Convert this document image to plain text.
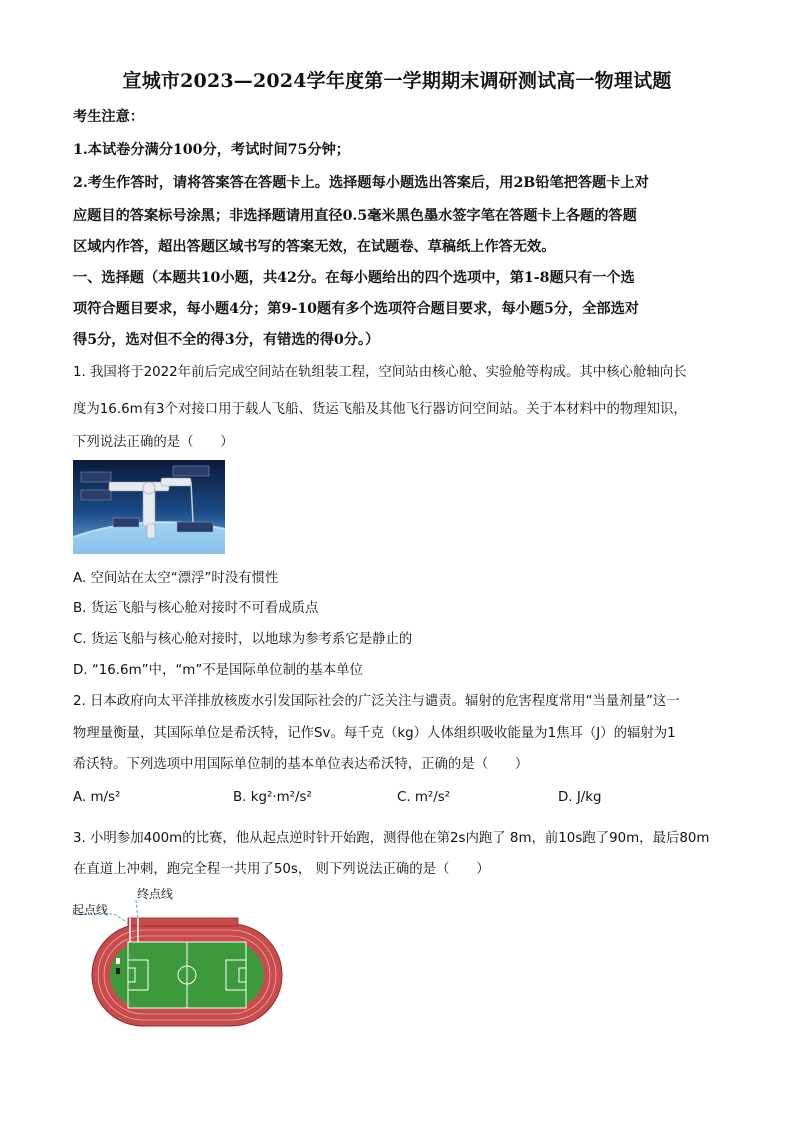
宣城市2023—2024学年度第一学期期末调研测试高一物理试题
考生注意：
1.本试卷分满分100分，考试时间75分钟；
2.考生作答时，请将答案答在答题卡上。选择题每小题选出答案后，用2B铅笔把答题卡上对
应题目的答案标号涂黑；非选择题请用直径0.5毫米黑色墨水签字笔在答题卡上各题的答题
区域内作答，超出答题区域书写的答案无效，在试题卷、草稿纸上作答无效。
一、选择题（本题共10小题，共42分。在每小题给出的四个选项中，第1-8题只有一个选
项符合题目要求，每小题4分；第9-10题有多个选项符合题目要求，每小题5分，全部选对
得5分，选对但不全的得3分，有错选的得0分。）
1. 我国将于2022年前后完成空间站在轨组装工程，空间站由核心舱、实验舱等构成。其中核心舱轴向长
度为16.6m有3个对接口用于载人飞船、货运飞船及其他飞行器访问空间站。关于本材料中的物理知识，
下列说法正确的是（　　）
A. 空间站在太空“漂浮”时没有惯性
B. 货运飞船与核心舱对接时不可看成质点
C. 货运飞船与核心舱对接时，以地球为参考系它是静止的
D. “16.6m”中，“m”不是国际单位制的基本单位
2. 日本政府向太平洋排放核废水引发国际社会的广泛关注与谴责。辐射的危害程度常用“当量剂量”这一
物理量衡量，其国际单位是希沃特，记作Sv。每千克（kg）人体组织吸收能量为1焦耳（J）的辐射为1
希沃特。下列选项中用国际单位制的基本单位表达希沃特，正确的是（　　）
A. m/s²	B. kg²·m²/s²	C. m²/s²	D. J/kg
3. 小明参加400m的比赛，他从起点逆时针开始跑，测得他在第2s内跑了 8m，前10s跑了90m，最后80m
在直道上冲刺，跑完全程一共用了50s， 则下列说法正确的是（　　）
终点线
起点线
